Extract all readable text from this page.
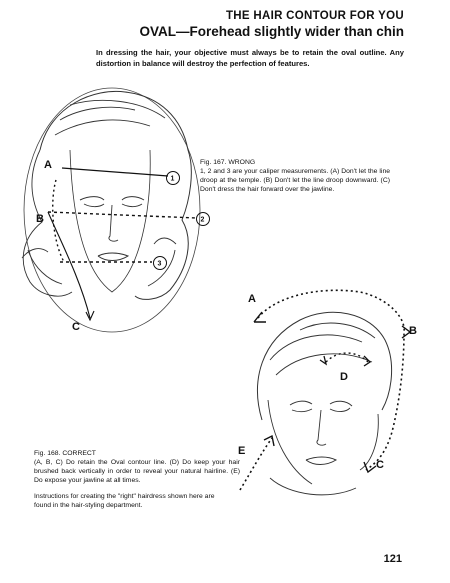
THE HAIR CONTOUR FOR YOU
OVAL—Forehead slightly wider than chin
In dressing the hair, your objective must always be to retain the oval outline. Any distortion in balance will destroy the perfection of features.
1
2
3
A
B
C
A
B
C
D
E
Fig. 167. WRONG
1, 2 and 3 are your caliper measurements. (A) Don't let the line droop at the temple. (B) Don't let the line droop downward. (C) Don't dress the hair forward over the jawline.
Fig. 168. CORRECT
(A, B, C) Do retain the Oval contour line. (D) Do keep your hair brushed back vertically in order to reveal your natural hairline. (E) Do expose your jawline at all times.
Instructions for creating the "right" hairdress shown here are found in the hair-styling department.
121
